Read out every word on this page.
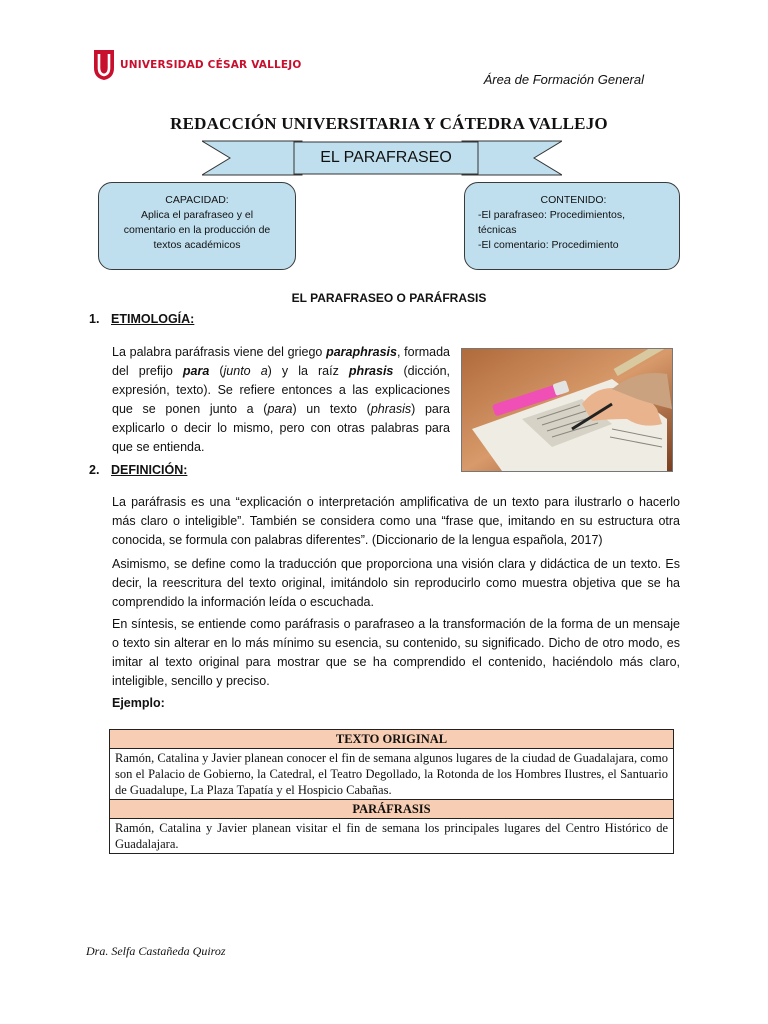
UNIVERSIDAD CÉSAR VALLEJO
Área de Formación General
REDACCIÓN UNIVERSITARIA Y CÁTEDRA VALLEJO
EL PARAFRASEO
CAPACIDAD:
Aplica el parafraseo y el
comentario en la producción de
textos académicos
CONTENIDO:
-El parafraseo: Procedimientos,
técnicas
-El comentario: Procedimiento
EL PARAFRASEO O PARÁFRASIS
1. ETIMOLOGÍA:
La palabra paráfrasis viene del griego paraphrasis, formada del prefijo para (junto a) y la raíz phrasis (dicción, expresión, texto). Se refiere entonces a las explicaciones que se ponen junto a (para) un texto (phrasis) para explicarlo o decir lo mismo, pero con otras palabras para que se entienda.
2. DEFINICIÓN:
La paráfrasis es una “explicación o interpretación amplificativa de un texto para ilustrarlo o hacerlo más claro o inteligible”. También se considera como una “frase que, imitando en su estructura otra conocida, se formula con palabras diferentes”. (Diccionario de la lengua española, 2017)
Asimismo, se define como la traducción que proporciona una visión clara y didáctica de un texto. Es decir, la reescritura del texto original, imitándolo sin reproducirlo como muestra objetiva que se ha comprendido la información leída o escuchada.
En síntesis, se entiende como paráfrasis o parafraseo a la transformación de la forma de un mensaje o texto sin alterar en lo más mínimo su esencia, su contenido, su significado. Dicho de otro modo, es imitar al texto original para mostrar que se ha comprendido el contenido, haciéndolo más claro, inteligible, sencillo y preciso.
Ejemplo:
TEXTO ORIGINAL
Ramón, Catalina y Javier planean conocer el fin de semana algunos lugares de la ciudad de Guadalajara, como son el Palacio de Gobierno, la Catedral, el Teatro Degollado, la Rotonda de los Hombres Ilustres, el Santuario de Guadalupe, La Plaza Tapatía y el Hospicio Cabañas.
PARÁFRASIS
Ramón, Catalina y Javier planean visitar el fin de semana los principales lugares del Centro Histórico de Guadalajara.
Dra. Selfa Castañeda Quiroz
